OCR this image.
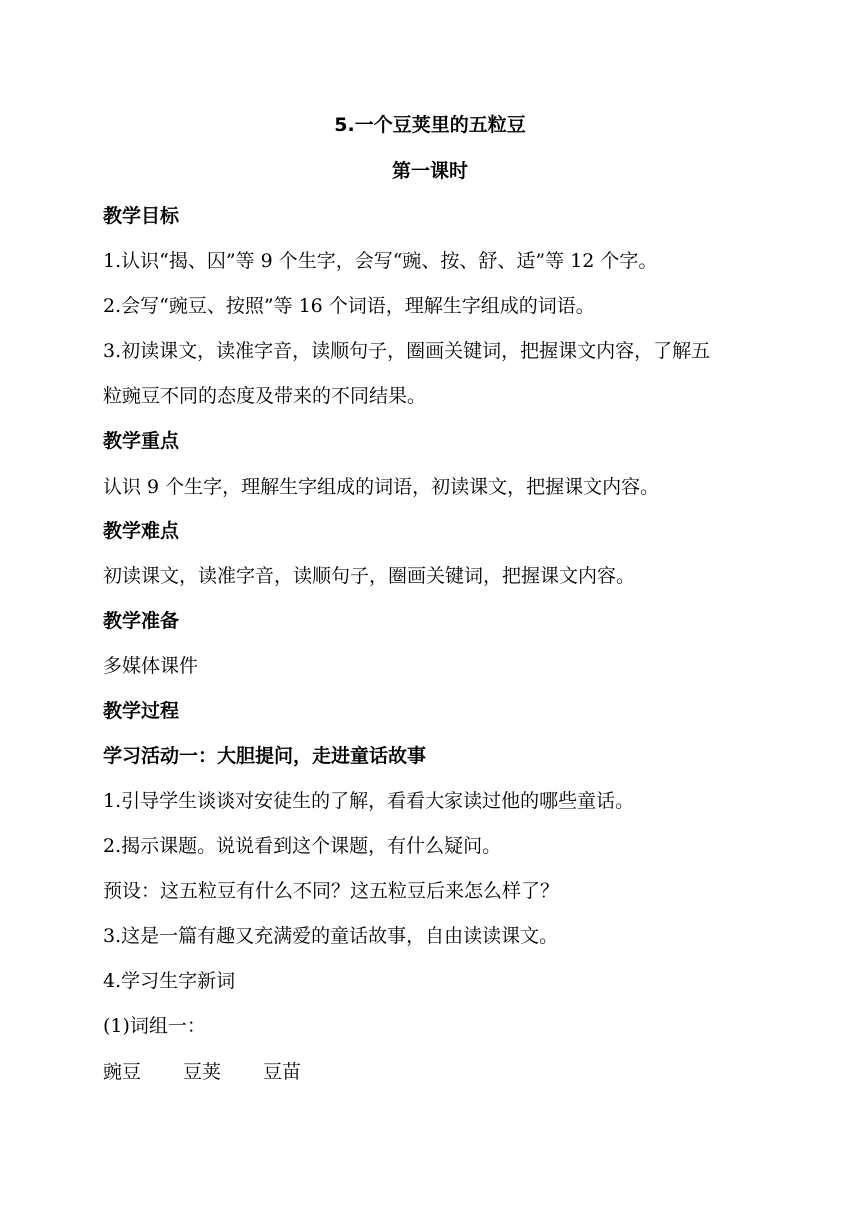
5.一个豆荚里的五粒豆
第一课时
教学目标
1.认识“揭、囚”等 9 个生字，会写“豌、按、舒、适”等 12 个字。
2.会写“豌豆、按照”等 16 个词语，理解生字组成的词语。
3.初读课文，读准字音，读顺句子，圈画关键词，把握课文内容，了解五
粒豌豆不同的态度及带来的不同结果。
教学重点
认识 9 个生字，理解生字组成的词语，初读课文，把握课文内容。
教学难点
初读课文，读准字音，读顺句子，圈画关键词，把握课文内容。
教学准备
多媒体课件
教学过程
学习活动一：大胆提问，走进童话故事
1.引导学生谈谈对安徒生的了解，看看大家读过他的哪些童话。
2.揭示课题。说说看到这个课题，有什么疑问。
预设：这五粒豆有什么不同？这五粒豆后来怎么样了？
3.这是一篇有趣又充满爱的童话故事，自由读读课文。
4.学习生字新词
(1)词组一：
豌豆 豆荚 豆苗
